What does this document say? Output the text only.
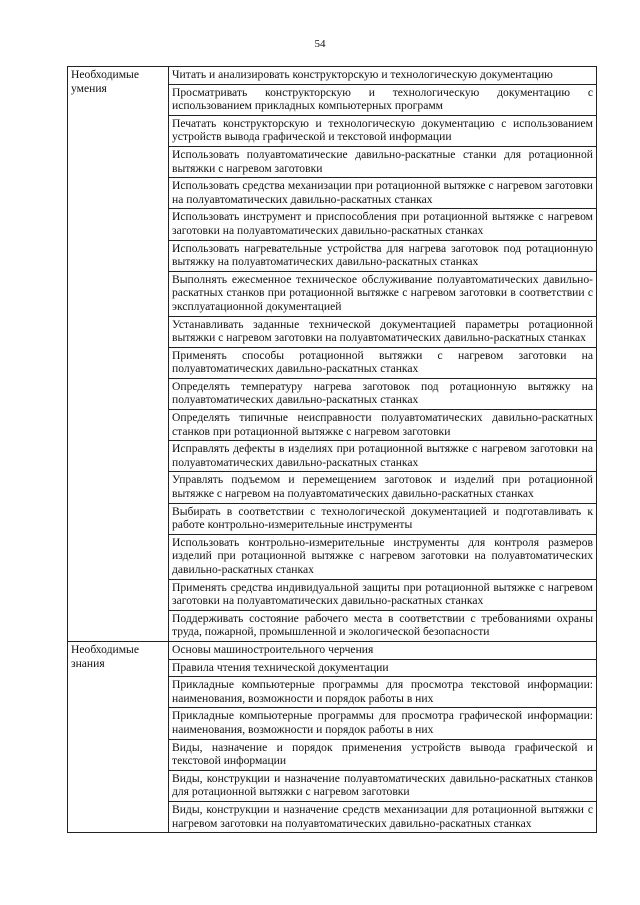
54
Необходимые умения	Читать и анализировать конструкторскую и технологическую документацию
	Просматривать конструкторскую и технологическую документацию с использованием прикладных компьютерных программ
	Печатать конструкторскую и технологическую документацию с использованием устройств вывода графической и текстовой информации
	Использовать полуавтоматические давильно-раскатные станки для ротационной вытяжки с нагревом заготовки
	Использовать средства механизации при ротационной вытяжке с нагревом заготовки на полуавтоматических давильно-раскатных станках
	Использовать инструмент и приспособления при ротационной вытяжке с нагревом заготовки на полуавтоматических давильно-раскатных станках
	Использовать нагревательные устройства для нагрева заготовок под ротационную вытяжку на полуавтоматических давильно-раскатных станках
	Выполнять ежесменное техническое обслуживание полуавтоматических давильно-раскатных станков при ротационной вытяжке с нагревом заготовки в соответствии с эксплуатационной документацией
	Устанавливать заданные технической документацией параметры ротационной вытяжки с нагревом заготовки на полуавтоматических давильно-раскатных станках
	Применять способы ротационной вытяжки с нагревом заготовки на полуавтоматических давильно-раскатных станках
	Определять температуру нагрева заготовок под ротационную вытяжку на полуавтоматических давильно-раскатных станках
	Определять типичные неисправности полуавтоматических давильно-раскатных станков при ротационной вытяжке с нагревом заготовки
	Исправлять дефекты в изделиях при ротационной вытяжке с нагревом заготовки на полуавтоматических давильно-раскатных станках
	Управлять подъемом и перемещением заготовок и изделий при ротационной вытяжке с нагревом на полуавтоматических давильно-раскатных станках
	Выбирать в соответствии с технологической документацией и подготавливать к работе контрольно-измерительные инструменты
	Использовать контрольно-измерительные инструменты для контроля размеров изделий при ротационной вытяжке с нагревом заготовки на полуавтоматических давильно-раскатных станках
	Применять средства индивидуальной защиты при ротационной вытяжке с нагревом заготовки на полуавтоматических давильно-раскатных станках
	Поддерживать состояние рабочего места в соответствии с требованиями охраны труда, пожарной, промышленной и экологической безопасности
Необходимые знания	Основы машиностроительного черчения
	Правила чтения технической документации
	Прикладные компьютерные программы для просмотра текстовой информации: наименования, возможности и порядок работы в них
	Прикладные компьютерные программы для просмотра графической информации: наименования, возможности и порядок работы в них
	Виды, назначение и порядок применения устройств вывода графической и текстовой информации
	Виды, конструкции и назначение полуавтоматических давильно-раскатных станков для ротационной вытяжки с нагревом заготовки
	Виды, конструкции и назначение средств механизации для ротационной вытяжки с нагревом заготовки на полуавтоматических давильно-раскатных станках
